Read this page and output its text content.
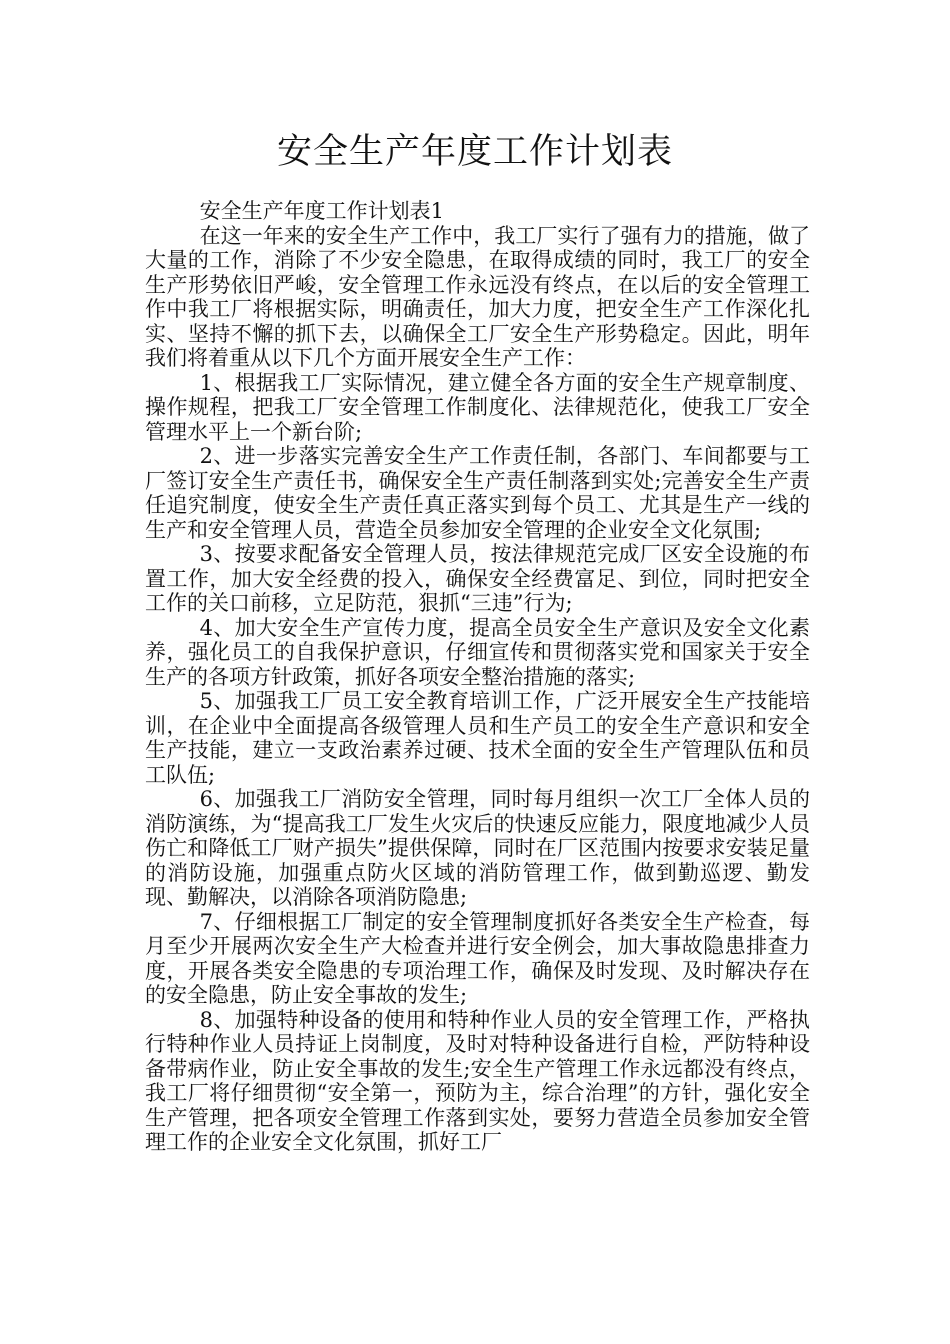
安全生产年度工作计划表

安全生产年度工作计划表1

在这一年来的安全生产工作中，我工厂实行了强有力的措施，做了大量的工作，消除了不少安全隐患，在取得成绩的同时，我工厂的安全生产形势依旧严峻，安全管理工作永远没有终点，在以后的安全管理工作中我工厂将根据实际，明确责任，加大力度，把安全生产工作深化扎实、坚持不懈的抓下去，以确保全工厂安全生产形势稳定。因此，明年我们将着重从以下几个方面开展安全生产工作：

1、根据我工厂实际情况，建立健全各方面的安全生产规章制度、操作规程，把我工厂安全管理工作制度化、法律规范化，使我工厂安全管理水平上一个新台阶;

2、进一步落实完善安全生产工作责任制，各部门、车间都要与工厂签订安全生产责任书，确保安全生产责任制落到实处;完善安全生产责任追究制度，使安全生产责任真正落实到每个员工、尤其是生产一线的生产和安全管理人员，营造全员参加安全管理的企业安全文化氛围;

3、按要求配备安全管理人员，按法律规范完成厂区安全设施的布置工作，加大安全经费的投入，确保安全经费富足、到位，同时把安全工作的关口前移，立足防范，狠抓“三违”行为;

4、加大安全生产宣传力度，提高全员安全生产意识及安全文化素养，强化员工的自我保护意识，仔细宣传和贯彻落实党和国家关于安全生产的各项方针政策，抓好各项安全整治措施的落实;

5、加强我工厂员工安全教育培训工作，广泛开展安全生产技能培训，在企业中全面提高各级管理人员和生产员工的安全生产意识和安全生产技能，建立一支政治素养过硬、技术全面的安全生产管理队伍和员工队伍;

6、加强我工厂消防安全管理，同时每月组织一次工厂全体人员的消防演练，为“提高我工厂发生火灾后的快速反应能力，限度地减少人员伤亡和降低工厂财产损失”提供保障，同时在厂区范围内按要求安装足量的消防设施，加强重点防火区域的消防管理工作，做到勤巡逻、勤发现、勤解决，以消除各项消防隐患;

7、仔细根据工厂制定的安全管理制度抓好各类安全生产检查，每月至少开展两次安全生产大检查并进行安全例会，加大事故隐患排查力度，开展各类安全隐患的专项治理工作，确保及时发现、及时解决存在的安全隐患，防止安全事故的发生;

8、加强特种设备的使用和特种作业人员的安全管理工作，严格执行特种作业人员持证上岗制度，及时对特种设备进行自检，严防特种设备带病作业，防止安全事故的发生;安全生产管理工作永远都没有终点，我工厂将仔细贯彻“安全第一，预防为主，综合治理”的方针，强化安全生产管理，把各项安全管理工作落到实处，要努力营造全员参加安全管理工作的企业安全文化氛围，抓好工厂
